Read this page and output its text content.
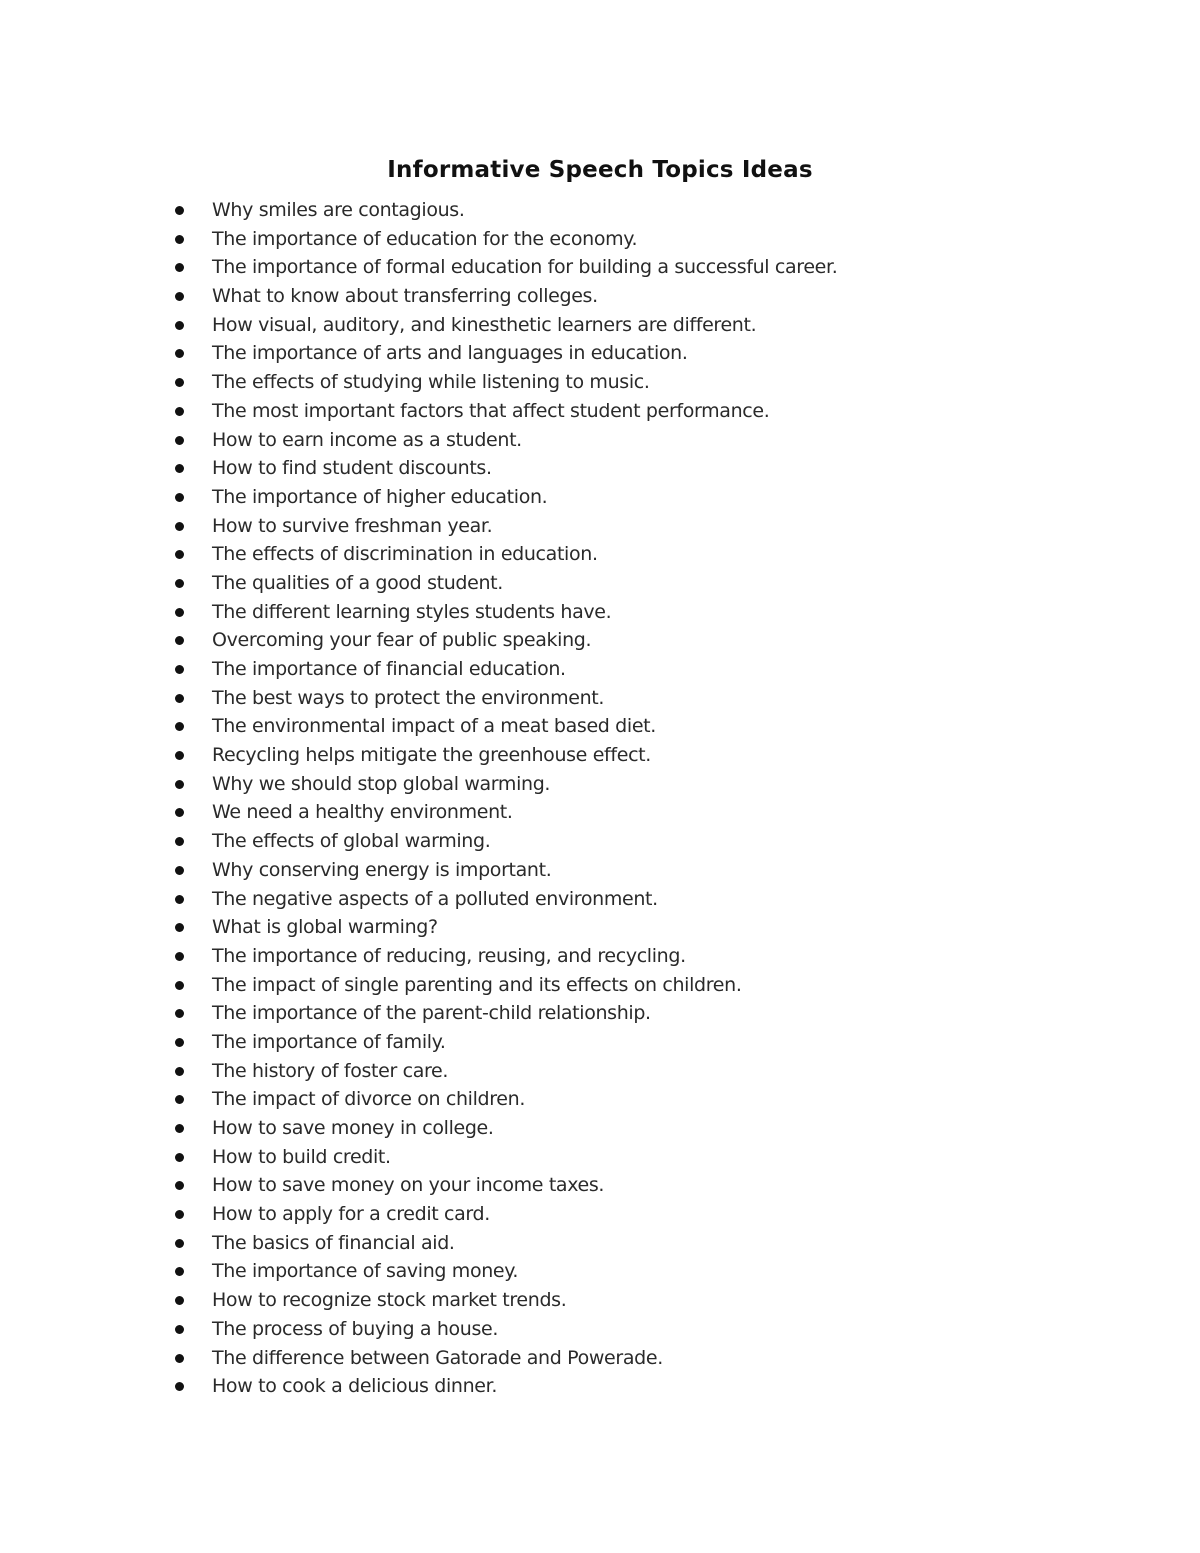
Informative Speech Topics Ideas
Why smiles are contagious.
The importance of education for the economy.
The importance of formal education for building a successful career.
What to know about transferring colleges.
How visual, auditory, and kinesthetic learners are different.
The importance of arts and languages in education.
The effects of studying while listening to music.
The most important factors that affect student performance.
How to earn income as a student.
How to find student discounts.
The importance of higher education.
How to survive freshman year.
The effects of discrimination in education.
The qualities of a good student.
The different learning styles students have.
Overcoming your fear of public speaking.
The importance of financial education.
The best ways to protect the environment.
The environmental impact of a meat based diet.
Recycling helps mitigate the greenhouse effect.
Why we should stop global warming.
We need a healthy environment.
The effects of global warming.
Why conserving energy is important.
The negative aspects of a polluted environment.
What is global warming?
The importance of reducing, reusing, and recycling.
The impact of single parenting and its effects on children.
The importance of the parent-child relationship.
The importance of family.
The history of foster care.
The impact of divorce on children.
How to save money in college.
How to build credit.
How to save money on your income taxes.
How to apply for a credit card.
The basics of financial aid.
The importance of saving money.
How to recognize stock market trends.
The process of buying a house.
The difference between Gatorade and Powerade.
How to cook a delicious dinner.
